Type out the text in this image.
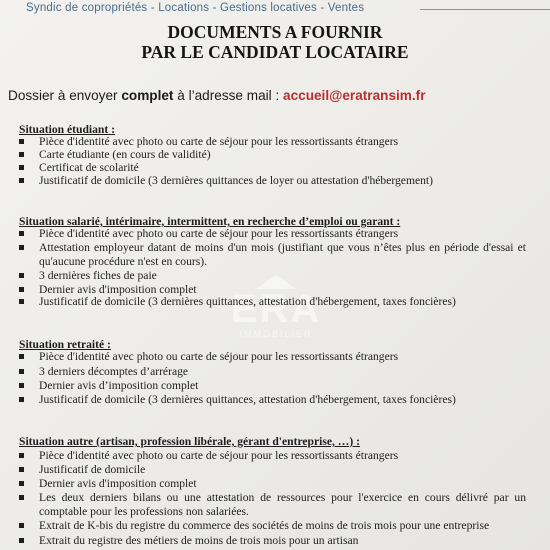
Syndic de copropriétés - Locations - Gestions locatives - Ventes
DOCUMENTS A FOURNIR
PAR LE CANDIDAT LOCATAIRE
Dossier à envoyer complet à l’adresse mail : accueil@eratransim.fr
ERA
IMMOBILIER
Situation étudiant :
Pièce d'identité avec photo ou carte de séjour pour les ressortissants étrangers
Carte étudiante (en cours de validité)
Certificat de scolarité
Justificatif de domicile (3 dernières quittances de loyer ou attestation d'hébergement)
Situation salarié, intérimaire, intermittent, en recherche d’emploi ou garant :
Pièce d'identité avec photo ou carte de séjour pour les ressortissants étrangers
Attestation employeur datant de moins d'un mois (justifiant que vous n’êtes plus en période d'essai et qu'aucune procédure n'est en cours).
3 dernières fiches de paie
Dernier avis d'imposition complet
Justificatif de domicile (3 dernières quittances, attestation d'hébergement, taxes foncières)
Situation retraité :
Pièce d'identité avec photo ou carte de séjour pour les ressortissants étrangers
3 derniers décomptes d’arrérage
Dernier avis d’imposition complet
Justificatif de domicile (3 dernières quittances, attestation d'hébergement, taxes foncières)
Situation autre (artisan, profession libérale, gérant d'entreprise, …) :
Pièce d'identité avec photo ou carte de séjour pour les ressortissants étrangers
Justificatif de domicile
Dernier avis d'imposition complet
Les deux derniers bilans ou une attestation de ressources pour l'exercice en cours délivré par un comptable pour les professions non salariées.
Extrait de K-bis du registre du commerce des sociétés de moins de trois mois pour une entreprise
Extrait du registre des métiers de moins de trois mois pour un artisan
